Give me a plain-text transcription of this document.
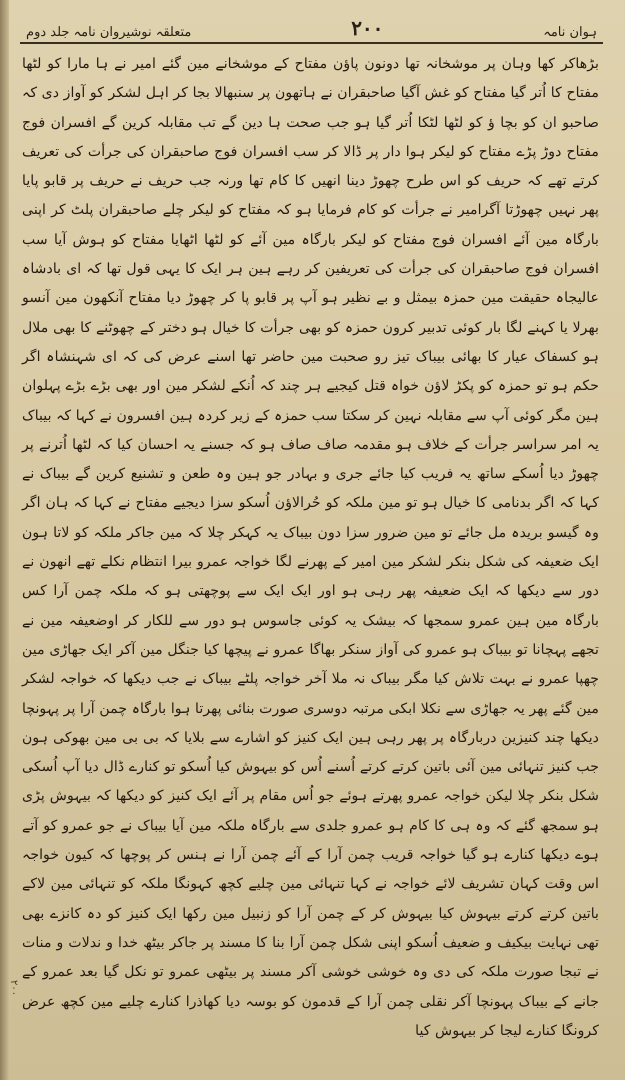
ہوان نامہ
۲۰۰
متعلقہ نوشیروان نامہ جلد دوم

بڑھاکر کھا وہان پر موشخانہ تھا دونون پاؤن مفتاح کے موشخانے مین گئے امیر نے ہا مارا کو لٹھا مفتاح کا اُتر گیا مفتاح کو غش آگیا صاحبقران نے ہاتھون پر سنبھالا بجا کر اہل لشکر کو آواز دی کہ صاحبو ان کو بچا ؤ کو لٹھا لٹکا اُتر گیا ہو جب صحت ہا دین گے تب مقابلہ کرین گے افسران فوج مفتاح دوڑ پڑے مفتاح کو لیکر ہوا دار پر ڈالا کر سب افسران فوج صاحبقران کی جرأت کی تعریف کرتے تھے کہ حریف کو اس طرح چھوڑ دینا انھیں کا کام تھا ورنہ جب حریف نے حریف پر قابو پایا پھر نہیں چھوڑتا آگرامیر نے جرأت کو کام فرمایا ہو کہ مفتاح کو لیکر چلے صاحبقران پلٹ کر اپنی بارگاہ مین آئے افسران فوج مفتاح کو لیکر بارگاہ مین آئے کو لٹھا اٹھایا مفتاح کو ہوش آیا سب افسران فوج صاحبقران کی جرأت کی تعریفین کر رہے ہین ہر ایک کا یہی قول تھا کہ ای بادشاہ عالیجاہ حقیقت مین حمزہ بیمثل و بے نظیر ہو آپ پر قابو پا کر چھوڑ دیا مفتاح آنکھون مین آنسو بھرلا یا کہنے لگا بار کوئی تدبیر کرون حمزہ کو بھی جرأت کا خیال ہو دختر کے چھوٹنے کا بھی ملال ہو کسفاک عیار کا بھائی بیباک تیز رو صحبت مین حاضر تھا اسنے عرض کی کہ ای شہنشاہ اگر حکم ہو تو حمزہ کو پکڑ لاؤن خواہ قتل کیجیے ہر چند کہ اُنکے لشکر مین اور بھی بڑے بڑے پہلوان ہین مگر کوئی آپ سے مقابلہ نہین کر سکتا سب حمزہ کے زیر کردہ ہین افسرون نے کہا کہ بیباک یہ امر سراسر جرأت کے خلاف ہو مقدمہ صاف صاف ہو کہ جسنے یہ احسان کیا کہ لٹھا اُترنے پر چھوڑ دیا اُسکے ساتھ یہ فریب کیا جائے جری و بہادر جو ہین وہ طعن و تشنیع کرین گے بیباک نے کہا کہ اگر بدنامی کا خیال ہو تو مین ملکہ کو حُرالاؤن اُسکو سزا دیجیے مفتاح نے کہا کہ ہان اگر وہ گیسو بریدہ مل جائے تو مین ضرور سزا دون بیباک یہ کہکر چلا کہ مین جاکر ملکہ کو لاتا ہون ایک ضعیفہ کی شکل بنکر لشکر مین امیر کے پھرنے لگا خواجہ عمرو بیرا انتظام نکلے تھے انھون نے دور سے دیکھا کہ ایک ضعیفہ پھر رہی ہو اور ایک ایک سے پوچھتی ہو کہ ملکہ چمن آرا کس بارگاہ مین ہین عمرو سمجھا کہ بیشک یہ کوئی جاسوس ہو دور سے للکار کر اوضعیفہ مین نے تجھے پہچانا تو بیباک ہو عمرو کی آواز سنکر بھاگا عمرو نے پیچھا کیا جنگل مین آکر ایک جھاڑی مین چھپا عمرو نے بہت تلاش کیا مگر بیباک نہ ملا آخر خواجہ پلٹے بیباک نے جب دیکھا کہ خواجہ لشکر مین گئے پھر یہ جھاڑی سے نکلا ابکی مرتبہ دوسری صورت بنائی پھرتا ہوا بارگاہ چمن آرا پر پہونچا دیکھا چند کنیزین دربارگاہ پر پھر رہی ہین ایک کنیز کو اشارے سے بلایا کہ بی بی مین بھوکی ہون جب کنیز تنہائی مین آئی باتین کرتے کرتے اُسنے اُس کو بیہوش کیا اُسکو تو کنارے ڈال دیا آپ اُسکی شکل بنکر چلا لیکن خواجہ عمرو پھرتے ہوئے جو اُس مقام پر آئے ایک کنیز کو دیکھا کہ بیہوش پڑی ہو سمجھ گئے کہ وہ ہی کا کام ہو عمرو جلدی سے بارگاہ ملکہ مین آیا بیباک نے جو عمرو کو آتے ہوے دیکھا کنارے ہو گیا خواجہ قریب چمن آرا کے آئے چمن آرا نے ہنس کر پوچھا کہ کیون خواجہ اس وقت کہان تشریف لائے خواجہ نے کہا تنہائی مین چلیے کچھ کہونگا ملکہ کو تنہائی مین لاکے باتین کرتے کرتے بیہوش کیا بیہوش کر کے چمن آرا کو زنبیل مین رکھا ایک کنیز کو دہ کانزے بھی تھی نہایت بیکیف و ضعیف اُسکو اپنی شکل چمن آرا بنا کا مسند پر جاکر بیٹھ خدا و ندلات و منات نے تبجا صورت ملکہ کی دی وہ خوشی خوشی آکر مسند پر بیٹھی عمرو تو نکل گیا بعد عمرو کے جانے کے بیباک پہونچا آکر نقلی چمن آرا کے قدمون کو بوسہ دیا کھاذرا کنارے چلیے مین کچھ عرض کرونگا کنارے لیجا کر بیہوش کیا

۲۰۰
